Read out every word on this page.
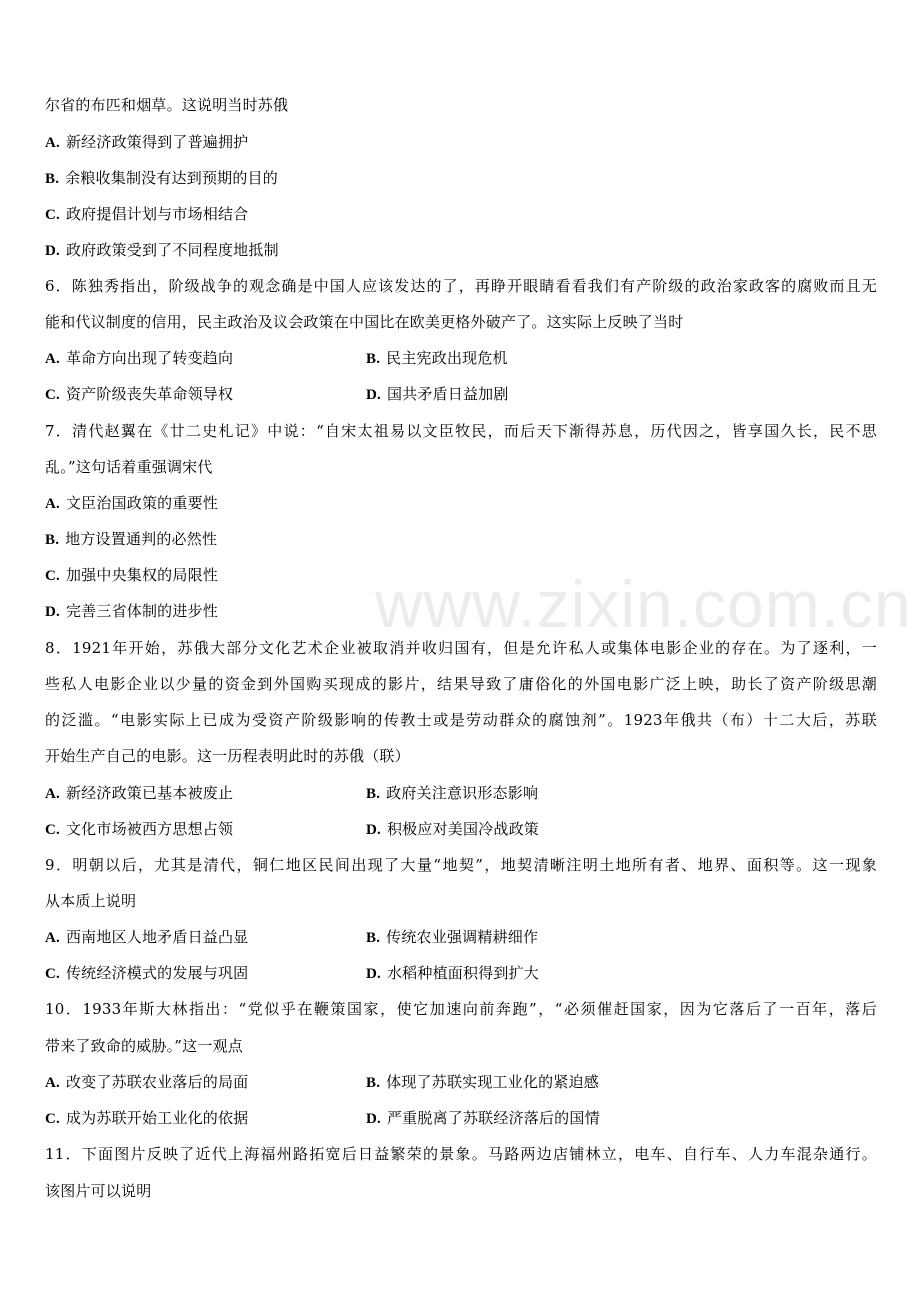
www.zixin.com.cn
尔省的布匹和烟草。这说明当时苏俄
A. 新经济政策得到了普遍拥护
B. 余粮收集制没有达到预期的目的
C. 政府提倡计划与市场相结合
D. 政府政策受到了不同程度地抵制
6．陈独秀指出，阶级战争的观念确是中国人应该发达的了，再睁开眼睛看看我们有产阶级的政治家政客的腐败而且无
能和代议制度的信用，民主政治及议会政策在中国比在欧美更格外破产了。这实际上反映了当时
A. 革命方向出现了转变趋向	B. 民主宪政出现危机
C. 资产阶级丧失革命领导权	D. 国共矛盾日益加剧
7．清代赵翼在《廿二史札记》中说：“自宋太祖易以文臣牧民，而后天下渐得苏息，历代因之，皆享国久长，民不思
乱。”这句话着重强调宋代
A. 文臣治国政策的重要性
B. 地方设置通判的必然性
C. 加强中央集权的局限性
D. 完善三省体制的进步性
8．1921年开始，苏俄大部分文化艺术企业被取消并收归国有，但是允许私人或集体电影企业的存在。为了逐利，一
些私人电影企业以少量的资金到外国购买现成的影片，结果导致了庸俗化的外国电影广泛上映，助长了资产阶级思潮
的泛滥。“电影实际上已成为受资产阶级影响的传教士或是劳动群众的腐蚀剂”。1923年俄共（布）十二大后，苏联
开始生产自己的电影。这一历程表明此时的苏俄（联）
A. 新经济政策已基本被废止	B. 政府关注意识形态影响
C. 文化市场被西方思想占领	D. 积极应对美国冷战政策
9．明朝以后，尤其是清代，铜仁地区民间出现了大量“地契”，地契清晰注明土地所有者、地界、面积等。这一现象
从本质上说明
A. 西南地区人地矛盾日益凸显	B. 传统农业强调精耕细作
C. 传统经济模式的发展与巩固	D. 水稻种植面积得到扩大
10．1933年斯大林指出：“党似乎在鞭策国家，使它加速向前奔跑”，“必须催赶国家，因为它落后了一百年，落后
带来了致命的威胁。”这一观点
A. 改变了苏联农业落后的局面	B. 体现了苏联实现工业化的紧迫感
C. 成为苏联开始工业化的依据	D. 严重脱离了苏联经济落后的国情
11．下面图片反映了近代上海福州路拓宽后日益繁荣的景象。马路两边店铺林立，电车、自行车、人力车混杂通行。
该图片可以说明
